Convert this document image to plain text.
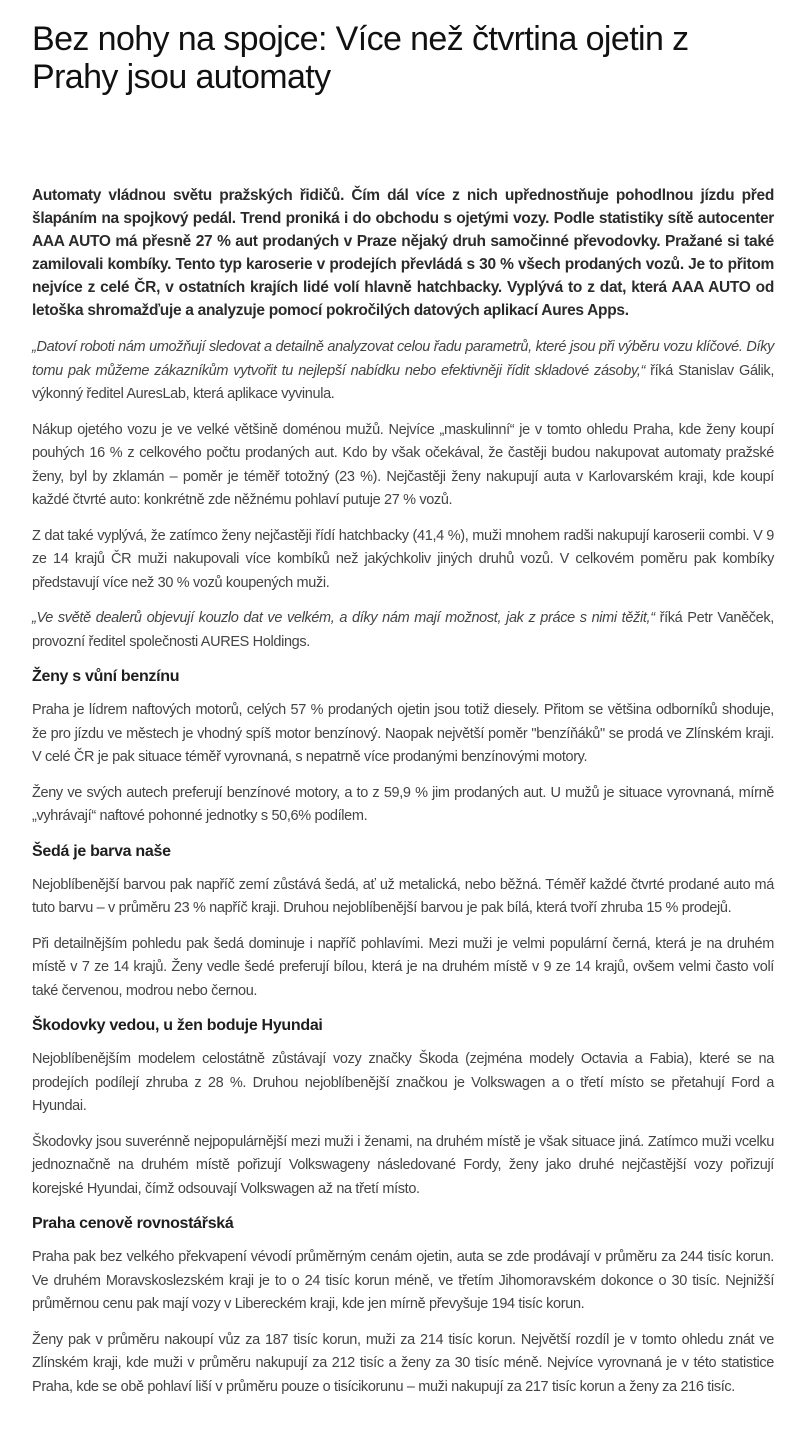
Bez nohy na spojce: Více než čtvrtina ojetin z Prahy jsou automaty

Automaty vládnou světu pražských řidičů. Čím dál více z nich upřednostňuje pohodlnou jízdu před šlapáním na spojkový pedál. Trend proniká i do obchodu s ojetými vozy. Podle statistiky sítě autocenter AAA AUTO má přesně 27 % aut prodaných v Praze nějaký druh samočinné převodovky. Pražané si také zamilovali kombíky. Tento typ karoserie v prodejích převládá s 30 % všech prodaných vozů. Je to přitom nejvíce z celé ČR, v ostatních krajích lidé volí hlavně hatchbacky. Vyplývá to z dat, která AAA AUTO od letoška shromažďuje a analyzuje pomocí pokročilých datových aplikací Aures Apps.

„Datoví roboti nám umožňují sledovat a detailně analyzovat celou řadu parametrů, které jsou při výběru vozu klíčové. Díky tomu pak můžeme zákazníkům vytvořit tu nejlepší nabídku nebo efektivněji řídit skladové zásoby,“ říká Stanislav Gálik, výkonný ředitel AuresLab, která aplikace vyvinula.

Nákup ojetého vozu je ve velké většině doménou mužů. Nejvíce „maskulinní“ je v tomto ohledu Praha, kde ženy koupí pouhých 16 % z celkového počtu prodaných aut. Kdo by však očekával, že častěji budou nakupovat automaty pražské ženy, byl by zklamán – poměr je téměř totožný (23 %). Nejčastěji ženy nakupují auta v Karlovarském kraji, kde koupí každé čtvrté auto: konkrétně zde něžnému pohlaví putuje 27 % vozů.

Z dat také vyplývá, že zatímco ženy nejčastěji řídí hatchbacky (41,4 %), muži mnohem radši nakupují karoserii combi. V 9 ze 14 krajů ČR muži nakupovali více kombíků než jakýchkoliv jiných druhů vozů. V celkovém poměru pak kombíky představují více než 30 % vozů koupených muži.

„Ve světě dealerů objevují kouzlo dat ve velkém, a díky nám mají možnost, jak z práce s nimi těžit,“ říká Petr Vaněček, provozní ředitel společnosti AURES Holdings.

Ženy s vůní benzínu

Praha je lídrem naftových motorů, celých 57 % prodaných ojetin jsou totiž diesely. Přitom se většina odborníků shoduje, že pro jízdu ve městech je vhodný spíš motor benzínový. Naopak největší poměr "benzíňáků" se prodá ve Zlínském kraji. V celé ČR je pak situace téměř vyrovnaná, s nepatrně více prodanými benzínovými motory.

Ženy ve svých autech preferují benzínové motory, a to z 59,9 % jim prodaných aut. U mužů je situace vyrovnaná, mírně „vyhrávají“ naftové pohonné jednotky s 50,6% podílem.

Šedá je barva naše

Nejoblíbenější barvou pak napříč zemí zůstává šedá, ať už metalická, nebo běžná. Téměř každé čtvrté prodané auto má tuto barvu – v průměru 23 % napříč kraji. Druhou nejoblíbenější barvou je pak bílá, která tvoří zhruba 15 % prodejů.

Při detailnějším pohledu pak šedá dominuje i napříč pohlavími. Mezi muži je velmi populární černá, která je na druhém místě v 7 ze 14 krajů. Ženy vedle šedé preferují bílou, která je na druhém místě v 9 ze 14 krajů, ovšem velmi často volí také červenou, modrou nebo černou.

Škodovky vedou, u žen boduje Hyundai

Nejoblíbenějším modelem celostátně zůstávají vozy značky Škoda (zejména modely Octavia a Fabia), které se na prodejích podílejí zhruba z 28 %. Druhou nejoblíbenější značkou je Volkswagen a o třetí místo se přetahují Ford a Hyundai.

Škodovky jsou suverénně nejpopulárnější mezi muži i ženami, na druhém místě je však situace jiná. Zatímco muži vcelku jednoznačně na druhém místě pořizují Volkswageny následované Fordy, ženy jako druhé nejčastější vozy pořizují korejské Hyundai, čímž odsouvají Volkswagen až na třetí místo.

Praha cenově rovnostářská

Praha pak bez velkého překvapení vévodí průměrným cenám ojetin, auta se zde prodávají v průměru za 244 tisíc korun. Ve druhém Moravskoslezském kraji je to o 24 tisíc korun méně, ve třetím Jihomoravském dokonce o 30 tisíc. Nejnižší průměrnou cenu pak mají vozy v Libereckém kraji, kde jen mírně převyšuje 194 tisíc korun.

Ženy pak v průměru nakoupí vůz za 187 tisíc korun, muži za 214 tisíc korun. Největší rozdíl je v tomto ohledu znát ve Zlínském kraji, kde muži v průměru nakupují za 212 tisíc a ženy za 30 tisíc méně. Nejvíce vyrovnaná je v této statistice Praha, kde se obě pohlaví liší v průměru pouze o tisícikorunu – muži nakupují za 217 tisíc korun a ženy za 216 tisíc.
